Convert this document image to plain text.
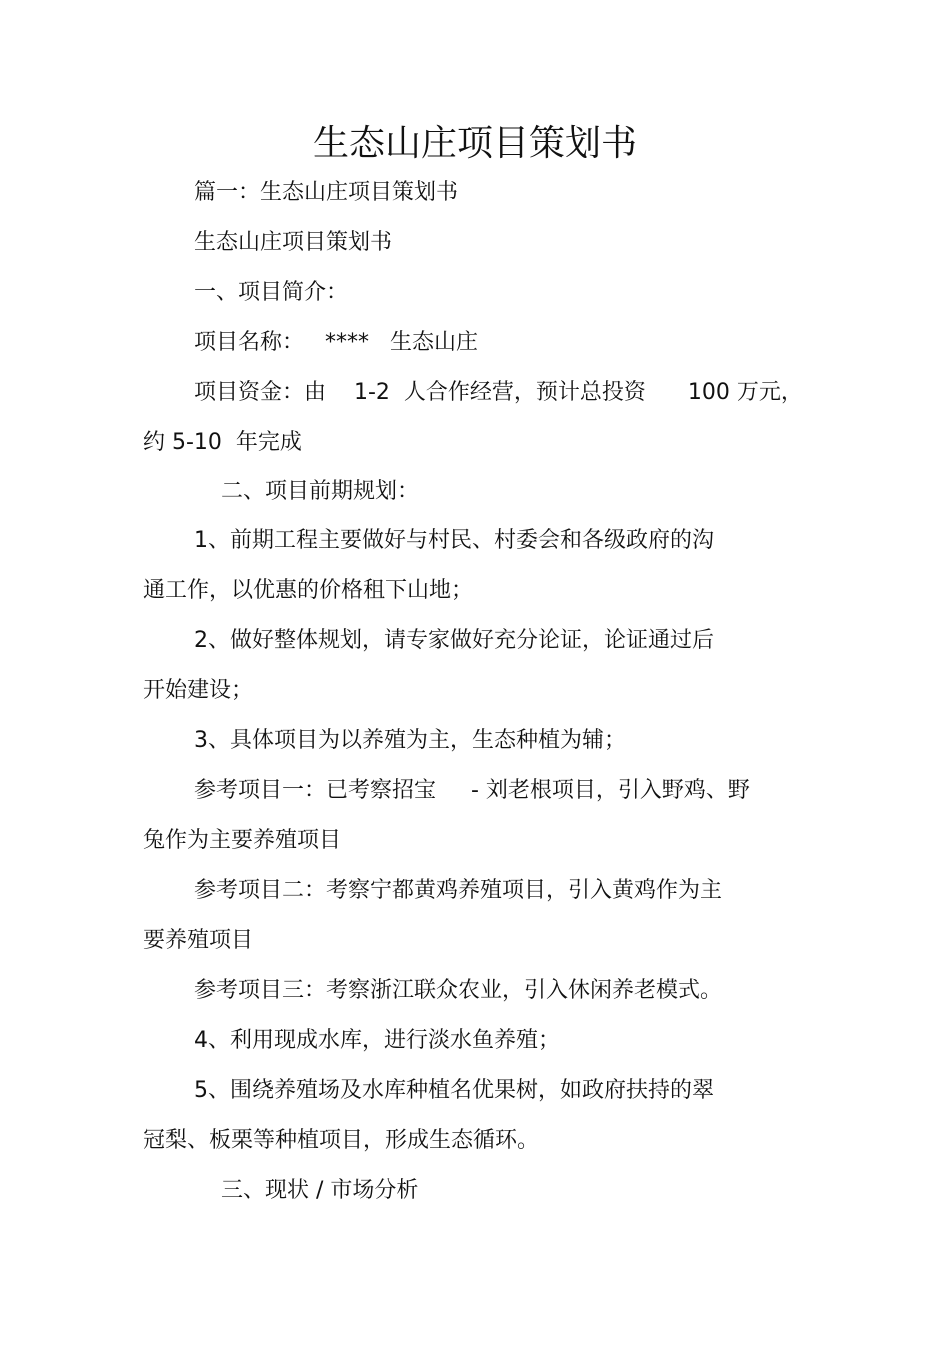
生态山庄项目策划书
篇一：生态山庄项目策划书
生态山庄项目策划书
一、项目简介：
项目名称：   ****   生态山庄
项目资金：由    1-2  人合作经营，预计总投资      100 万元，
约 5-10  年完成
二、项目前期规划：
1、前期工程主要做好与村民、村委会和各级政府的沟
通工作，以优惠的价格租下山地；
2、做好整体规划，请专家做好充分论证，论证通过后
开始建设；
3、具体项目为以养殖为主，生态种植为辅；
参考项目一：已考察招宝     - 刘老根项目，引入野鸡、野
兔作为主要养殖项目
参考项目二：考察宁都黄鸡养殖项目，引入黄鸡作为主
要养殖项目
参考项目三：考察浙江联众农业，引入休闲养老模式。
4、利用现成水库，进行淡水鱼养殖；
5、围绕养殖场及水库种植名优果树，如政府扶持的翠
冠梨、板栗等种植项目，形成生态循环。
三、现状 / 市场分析
